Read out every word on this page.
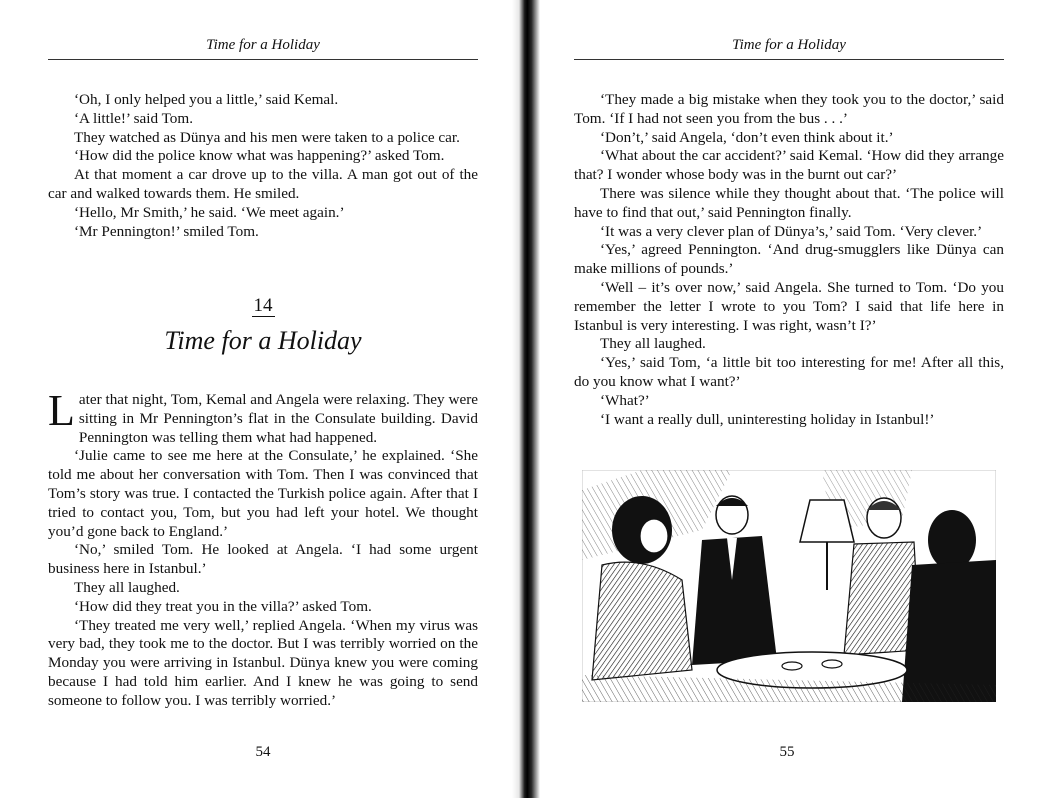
Time for a Holiday

‘Oh, I only helped you a little,’ said Kemal.

‘A little!’ said Tom.

They watched as Dünya and his men were taken to a police car.

‘How did the police know what was happening?’ asked Tom.

At that moment a car drove up to the villa. A man got out of the car and walked towards them. He smiled.

‘Hello, Mr Smith,’ he said. ‘We meet again.’

‘Mr Pennington!’ smiled Tom.

14
Time for a Holiday

Later that night, Tom, Kemal and Angela were relaxing. They were sitting in Mr Pennington’s flat in the Consulate building. David Pennington was telling them what had happened.

‘Julie came to see me here at the Consulate,’ he explained. ‘She told me about her conversation with Tom. Then I was convinced that Tom’s story was true. I contacted the Turkish police again. After that I tried to contact you, Tom, but you had left your hotel. We thought you’d gone back to England.’

‘No,’ smiled Tom. He looked at Angela. ‘I had some urgent business here in Istanbul.’

They all laughed.

‘How did they treat you in the villa?’ asked Tom.

‘They treated me very well,’ replied Angela. ‘When my virus was very bad, they took me to the doctor. But I was terribly worried on the Monday you were arriving in Istanbul. Dünya knew you were coming because I had told him earlier. And I knew he was going to send someone to follow you. I was terribly worried.’

54
Time for a Holiday

‘They made a big mistake when they took you to the doctor,’ said Tom. ‘If I had not seen you from the bus . . .’

‘Don’t,’ said Angela, ‘don’t even think about it.’

‘What about the car accident?’ said Kemal. ‘How did they arrange that? I wonder whose body was in the burnt out car?’

There was silence while they thought about that. ‘The police will have to find that out,’ said Pennington finally.

‘It was a very clever plan of Dünya’s,’ said Tom. ‘Very clever.’

‘Yes,’ agreed Pennington. ‘And drug-smugglers like Dünya can make millions of pounds.’

‘Well – it’s over now,’ said Angela. She turned to Tom. ‘Do you remember the letter I wrote to you Tom? I said that life here in Istanbul is very interesting. I was right, wasn’t I?’

They all laughed.

‘Yes,’ said Tom, ‘a little bit too interesting for me! After all this, do you know what I want?’

‘What?’

‘I want a really dull, uninteresting holiday in Istanbul!’

55
